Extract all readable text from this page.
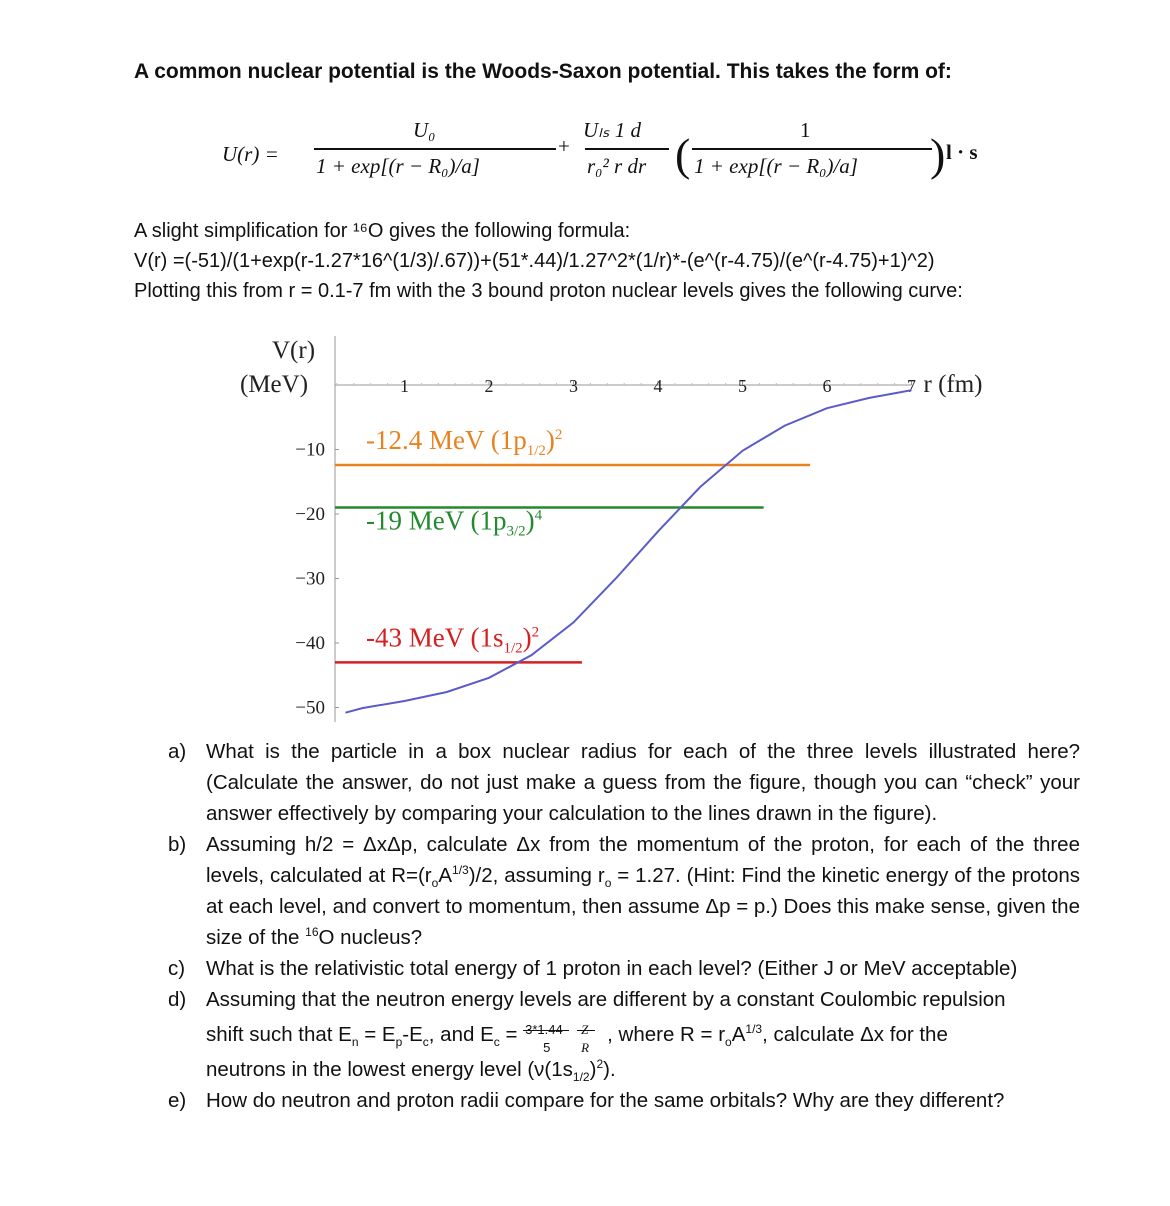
A common nuclear potential is the Woods-Saxon potential. This takes the form of:
U(r) =
U₀
1 + exp[(r − R₀)/a]
+
Uₗₛ 1 d
r₀² r dr (	1
1 + exp[(r − R₀)/a] ) l · s
A slight simplification for ¹⁶O gives the following formula:
V(r) =(-51)/(1+exp(r-1.27*16^(1/3)/.67))+(51*.44)/1.27^2*(1/r)*-(e^(r-4.75)/(e^(r-4.75)+1)^2)
Plotting this from r = 0.1-7 fm with the 3 bound proton nuclear levels gives the following curve:
V(r)
(MeV)	r (fm)
1	2	3	4	5	6	7
−10
−20
−30
−40
−50
-12.4 MeV $(1p_{1/2})^2$
-19 MeV $(1p_{3/2})^4$
-43 MeV $(1s_{1/2})^2$
a) What is the particle in a box nuclear radius for each of the three levels illustrated here? (Calculate the answer, do not just make a guess from the figure, though you can “check” your answer effectively by comparing your calculation to the lines drawn in the figure).
b) Assuming h/2 = ΔxΔp, calculate Δx from the momentum of the proton, for each of the three levels, calculated at $R=(r_oA^{1/3})/2$, assuming $r_o = 1.27$. (Hint: Find the kinetic energy of the protons at each level, and convert to momentum, then assume Δp = p.) Does this make sense, given the size of the $^{16}$O nucleus?
c) What is the relativistic total energy of 1 proton in each level? (Either J or MeV acceptable)
d) Assuming that the neutron energy levels are different by a constant Coulombic repulsion
shift such that $E_n = E_p-E_c$, and $E_c = 3*1.44$
5
Z
R
, where $R = r_oA^{1/3}$, calculate Δx for the
neutrons in the lowest energy level $(\nu(1s_{1/2})^2)$.
e) How do neutron and proton radii compare for the same orbitals? Why are they different?
